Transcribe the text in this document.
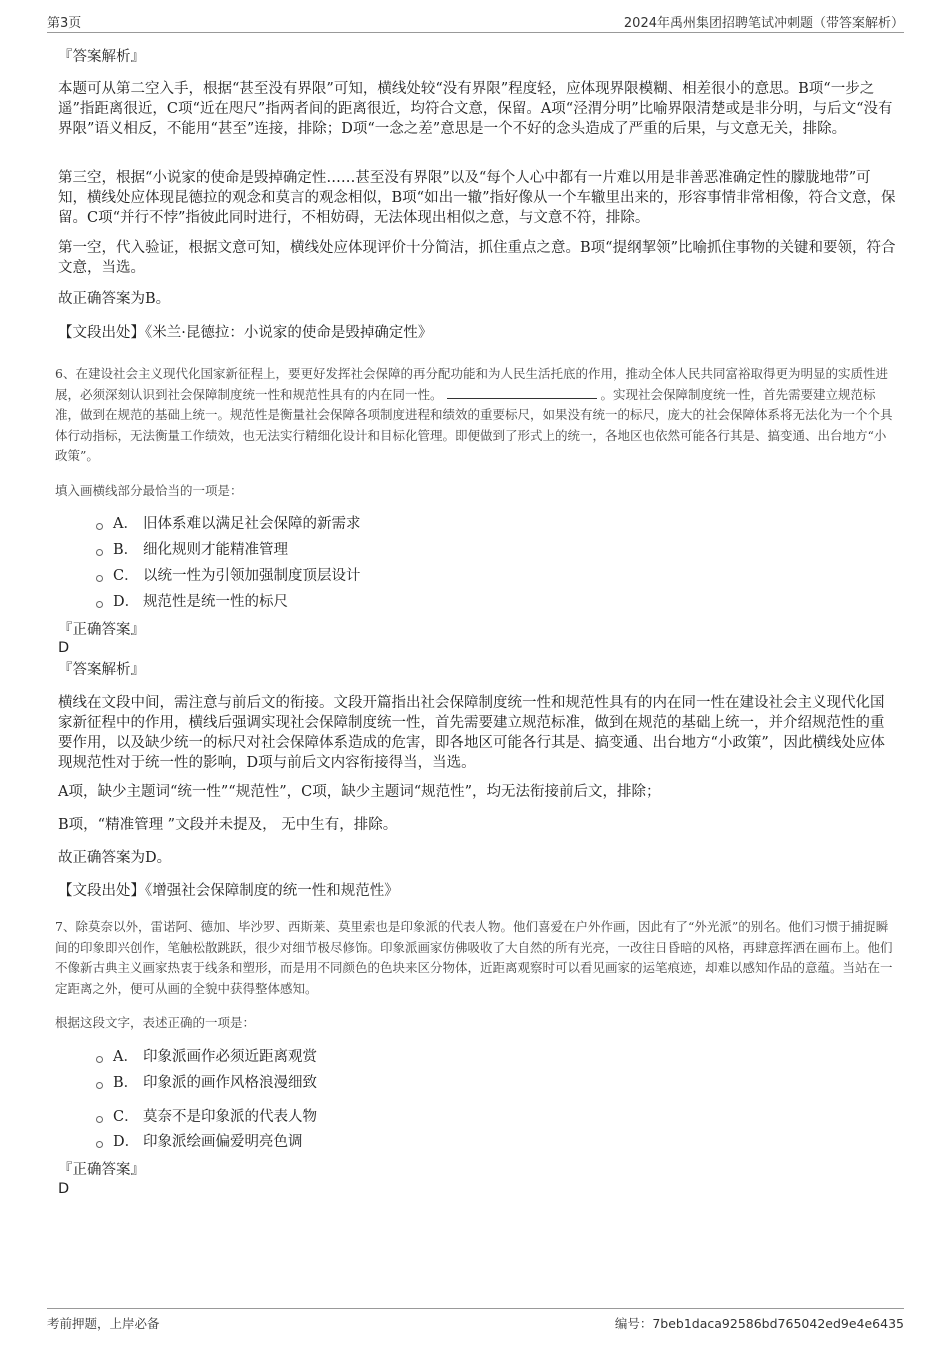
第3页	2024年禹州集团招聘笔试冲刺题（带答案解析）
『答案解析』

本题可从第二空入手，根据“甚至没有界限”可知，横线处较“没有界限”程度轻，应体现界限模糊、相差很小的意思。B项“一步之遥”指距离很近，C项“近在咫尺”指两者间的距离很近，均符合文意，保留。A项“泾渭分明”比喻界限清楚或是非分明，与后文“没有界限”语义相反，不能用“甚至”连接，排除；D项“一念之差”意思是一个不好的念头造成了严重的后果，与文意无关，排除。

第三空，根据“小说家的使命是毁掉确定性……甚至没有界限”以及“每个人心中都有一片难以用是非善恶准确定性的朦胧地带”可知，横线处应体现昆德拉的观念和莫言的观念相似，B项“如出一辙”指好像从一个车辙里出来的，形容事情非常相像，符合文意，保留。C项“并行不悖”指彼此同时进行，不相妨碍，无法体现出相似之意，与文意不符，排除。

第一空，代入验证，根据文意可知，横线处应体现评价十分简洁，抓住重点之意。B项“提纲挈领”比喻抓住事物的关键和要领，符合文意，当选。

故正确答案为B。
【文段出处】《米兰·昆德拉：小说家的使命是毁掉确定性》

6、在建设社会主义现代化国家新征程上，要更好发挥社会保障的再分配功能和为人民生活托底的作用，推动全体人民共同富裕取得更为明显的实质性进展，必须深刻认识到社会保障制度统一性和规范性具有的内在同一性。	。实现社会保障制度统一性，首先需要建立规范标准，做到在规范的基础上统一。规范性是衡量社会保障各项制度进程和绩效的重要标尺，如果没有统一的标尺，庞大的社会保障体系将无法化为一个个具体行动指标，无法衡量工作绩效，也无法实行精细化设计和目标化管理。即便做到了形式上的统一，各地区也依然可能各行其是、搞变通、出台地方“小政策”。

填入画横线部分最恰当的一项是：
A． 旧体系难以满足社会保障的新需求
B． 细化规则才能精准管理
C． 以统一性为引领加强制度顶层设计
D． 规范性是统一性的标尺
『正确答案』
D
『答案解析』

横线在文段中间，需注意与前后文的衔接。文段开篇指出社会保障制度统一性和规范性具有的内在同一性在建设社会主义现代化国家新征程中的作用，横线后强调实现社会保障制度统一性，首先需要建立规范标准，做到在规范的基础上统一，并介绍规范性的重要作用，以及缺少统一的标尺对社会保障体系造成的危害，即各地区可能各行其是、搞变通、出台地方“小政策”，因此横线处应体现规范性对于统一性的影响，D项与前后文内容衔接得当，当选。

A项，缺少主题词“统一性”“规范性”，C项，缺少主题词“规范性”，均无法衔接前后文，排除；

B项，“精准管理 ”文段并未提及， 无中生有，排除。

故正确答案为D。
【文段出处】《增强社会保障制度的统一性和规范性》

7、除莫奈以外，雷诺阿、德加、毕沙罗、西斯莱、莫里索也是印象派的代表人物。他们喜爱在户外作画，因此有了“外光派”的别名。他们习惯于捕捉瞬间的印象即兴创作，笔触松散跳跃，很少对细节极尽修饰。印象派画家仿佛吸收了大自然的所有光亮，一改往日昏暗的风格，再肆意挥洒在画布上。他们不像新古典主义画家热衷于线条和塑形，而是用不同颜色的色块来区分物体，近距离观察时可以看见画家的运笔痕迹，却难以感知作品的意蕴。当站在一定距离之外，便可从画的全貌中获得整体感知。

根据这段文字，表述正确的一项是：
A． 印象派画作必须近距离观赏
B． 印象派的画作风格浪漫细致
C． 莫奈不是印象派的代表人物
D． 印象派绘画偏爱明亮色调
『正确答案』
D
考前押题，上岸必备	编号：7beb1daca92586bd765042ed9e4e6435
